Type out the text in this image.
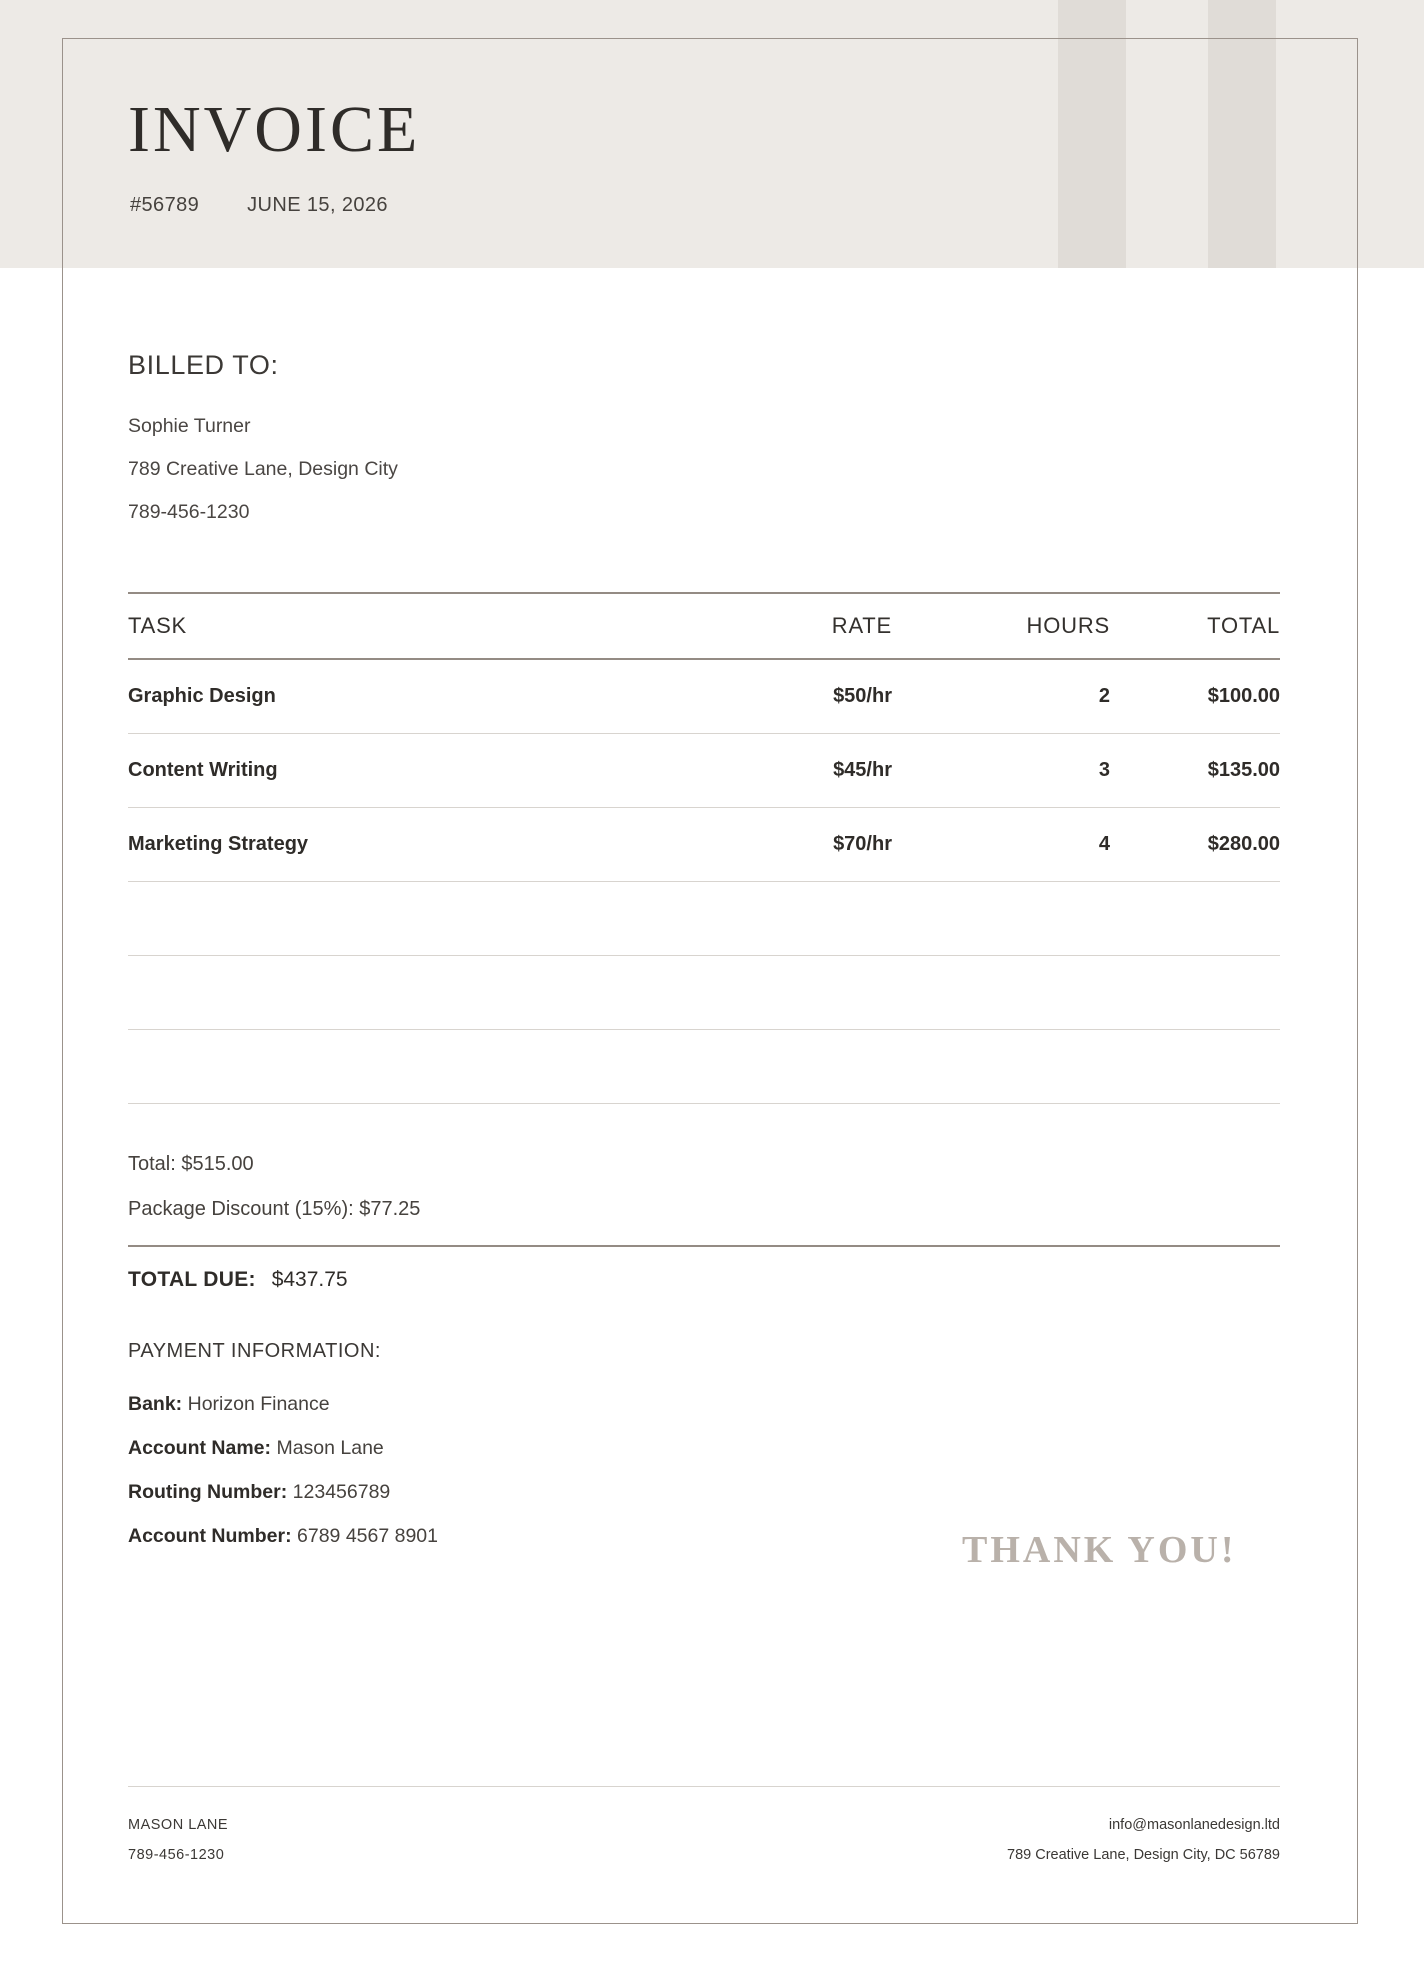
INVOICE
#56789 JUNE 15, 2026
BILLED TO:
Sophie Turner
789 Creative Lane, Design City
789-456-1230
TASK	RATE	HOURS	TOTAL
Graphic Design	$50/hr	2	$100.00
Content Writing	$45/hr	3	$135.00
Marketing Strategy	$70/hr	4	$280.00
Total: $515.00
Package Discount (15%): $77.25
TOTAL DUE: $437.75
PAYMENT INFORMATION:
Bank: Horizon Finance
Account Name: Mason Lane
Routing Number: 123456789
Account Number: 6789 4567 8901	THANK YOU!
MASON LANE
789-456-1230
info@masonlanedesign.ltd
789 Creative Lane, Design City, DC 56789
